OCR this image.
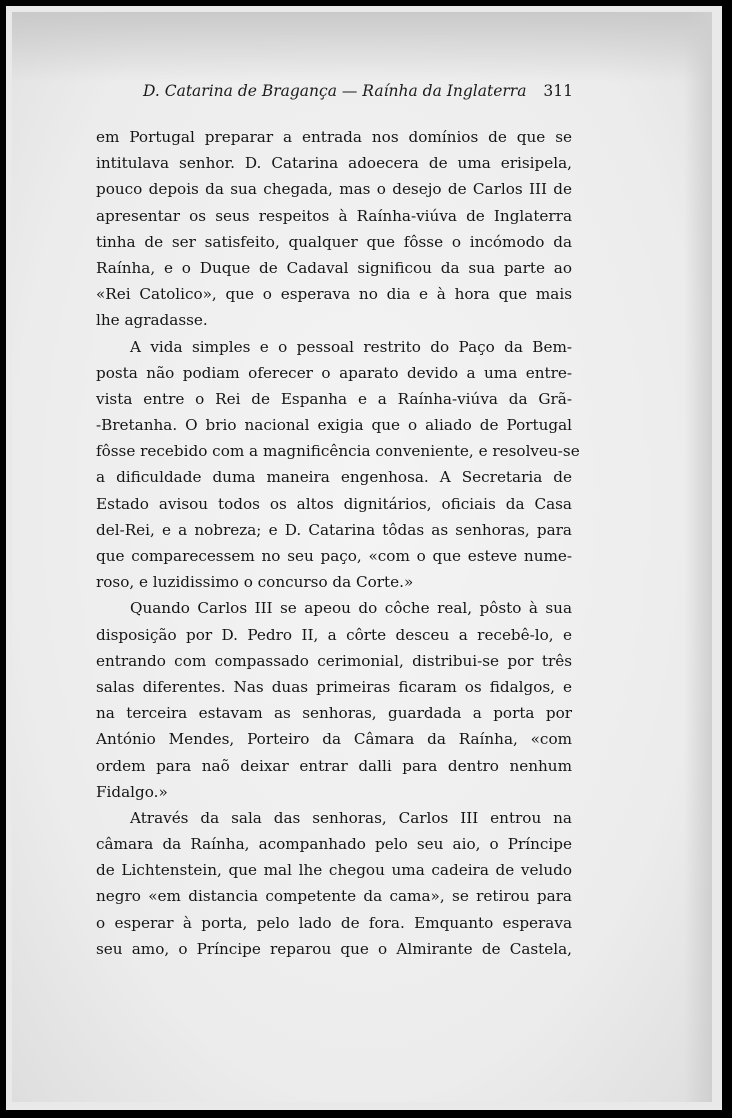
D. Catarina de Bragança — Raínha da Inglaterra 311
em Portugal preparar a entrada nos domínios de que se
intitulava senhor. D. Catarina adoecera de uma erisipela,
pouco depois da sua chegada, mas o desejo de Carlos III de
apresentar os seus respeitos à Raínha-viúva de Inglaterra
tinha de ser satisfeito, qualquer que fôsse o incómodo da
Raínha, e o Duque de Cadaval significou da sua parte ao
«Rei Catolico», que o esperava no dia e à hora que mais
lhe agradasse.
A vida simples e o pessoal restrito do Paço da Bem-
posta não podiam oferecer o aparato devido a uma entre-
vista entre o Rei de Espanha e a Raínha-viúva da Grã-
-Bretanha. O brio nacional exigia que o aliado de Portugal
fôsse recebido com a magnificência conveniente, e resolveu-se
a dificuldade duma maneira engenhosa. A Secretaria de
Estado avisou todos os altos dignitários, oficiais da Casa
del-Rei, e a nobreza; e D. Catarina tôdas as senhoras, para
que comparecessem no seu paço, «com o que esteve nume-
roso, e luzidissimo o concurso da Corte.»
Quando Carlos III se apeou do côche real, pôsto à sua
disposição por D. Pedro II, a côrte desceu a recebê-lo, e
entrando com compassado cerimonial, distribui-se por três
salas diferentes. Nas duas primeiras ficaram os fidalgos, e
na terceira estavam as senhoras, guardada a porta por
António Mendes, Porteiro da Câmara da Raínha, «com
ordem para naõ deixar entrar dalli para dentro nenhum
Fidalgo.»
Através da sala das senhoras, Carlos III entrou na
câmara da Raínha, acompanhado pelo seu aio, o Príncipe
de Lichtenstein, que mal lhe chegou uma cadeira de veludo
negro «em distancia competente da cama», se retirou para
o esperar à porta, pelo lado de fora. Emquanto esperava
seu amo, o Príncipe reparou que o Almirante de Castela,
